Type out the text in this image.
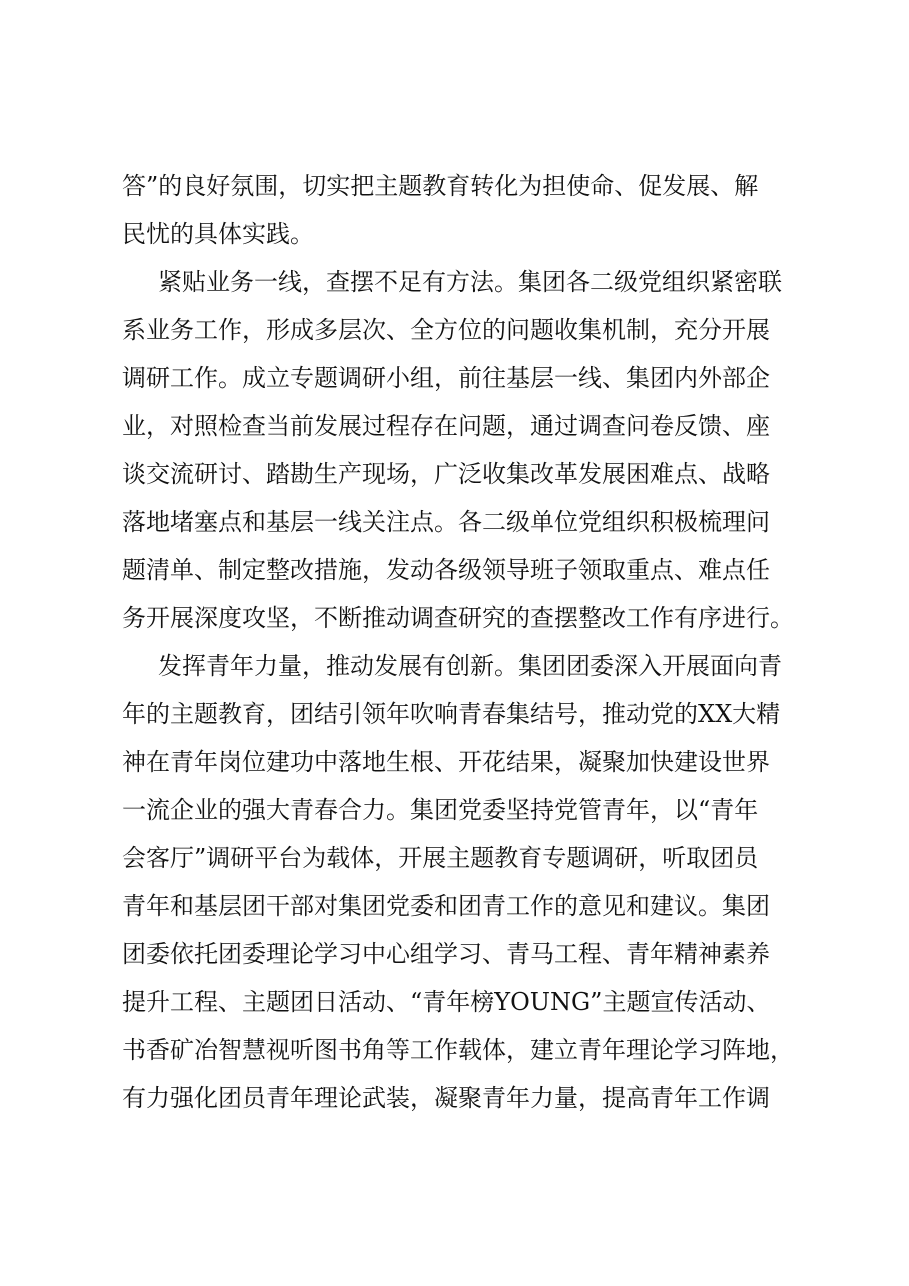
答”的良好氛围，切实把主题教育转化为担使命、促发展、解
民忧的具体实践。
紧贴业务一线，查摆不足有方法。集团各二级党组织紧密联
系业务工作，形成多层次、全方位的问题收集机制，充分开展
调研工作。成立专题调研小组，前往基层一线、集团内外部企
业，对照检查当前发展过程存在问题，通过调查问卷反馈、座
谈交流研讨、踏勘生产现场，广泛收集改革发展困难点、战略
落地堵塞点和基层一线关注点。各二级单位党组织积极梳理问
题清单、制定整改措施，发动各级领导班子领取重点、难点任
务开展深度攻坚，不断推动调查研究的查摆整改工作有序进行。
发挥青年力量，推动发展有创新。集团团委深入开展面向青
年的主题教育，团结引领年吹响青春集结号，推动党的XX大精
神在青年岗位建功中落地生根、开花结果，凝聚加快建设世界
一流企业的强大青春合力。集团党委坚持党管青年，以“青年
会客厅”调研平台为载体，开展主题教育专题调研，听取团员
青年和基层团干部对集团党委和团青工作的意见和建议。集团
团委依托团委理论学习中心组学习、青马工程、青年精神素养
提升工程、主题团日活动、“青年榜YOUNG”主题宣传活动、
书香矿冶智慧视听图书角等工作载体，建立青年理论学习阵地，
有力强化团员青年理论武装，凝聚青年力量，提高青年工作调
